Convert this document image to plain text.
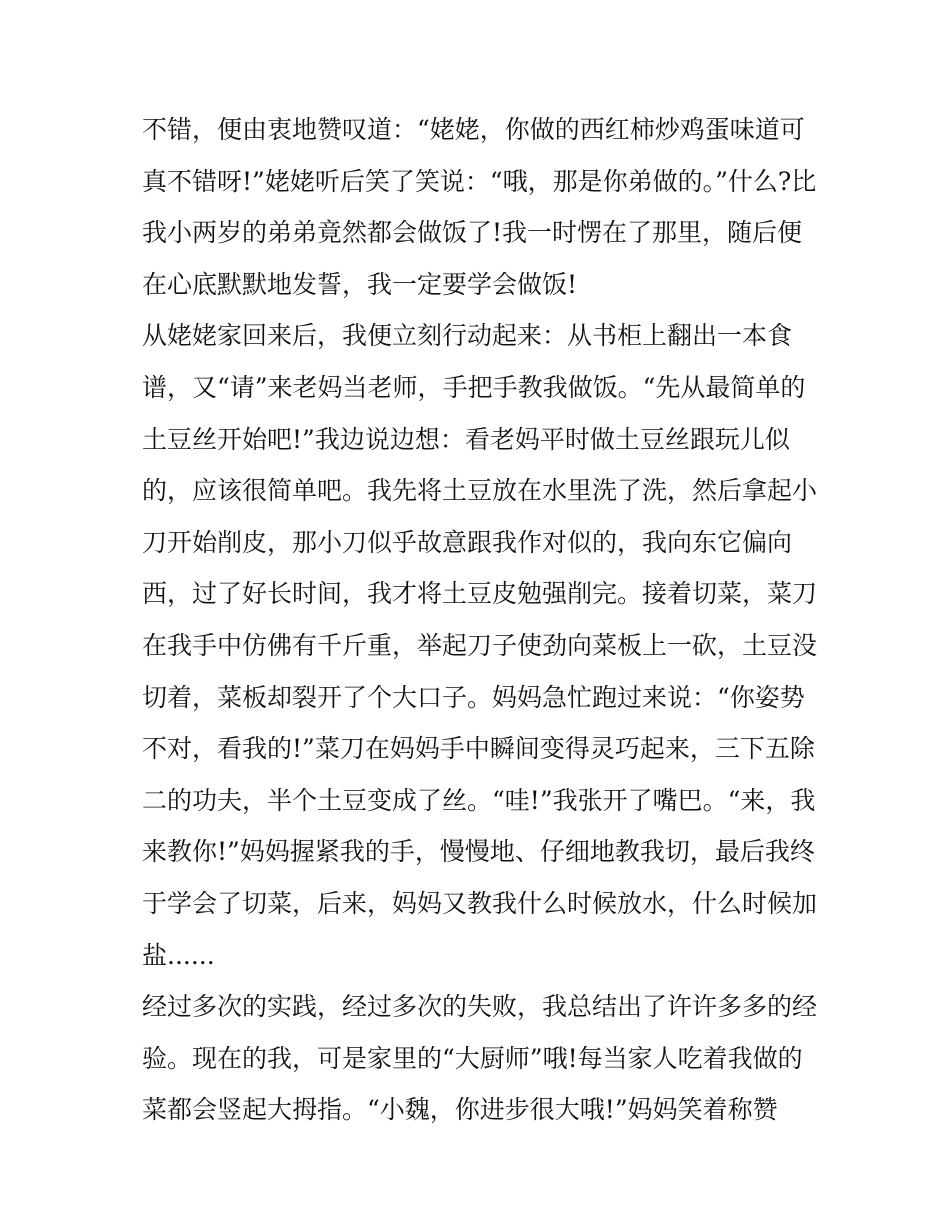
不错，便由衷地赞叹道：“姥姥，你做的西红柿炒鸡蛋味道可
真不错呀!”姥姥听后笑了笑说：“哦，那是你弟做的。”什么?比
我小两岁的弟弟竟然都会做饭了!我一时愣在了那里，随后便
在心底默默地发誓，我一定要学会做饭!
从姥姥家回来后，我便立刻行动起来：从书柜上翻出一本食
谱，又“请”来老妈当老师，手把手教我做饭。“先从最简单的
土豆丝开始吧!”我边说边想：看老妈平时做土豆丝跟玩儿似
的，应该很简单吧。我先将土豆放在水里洗了洗，然后拿起小
刀开始削皮，那小刀似乎故意跟我作对似的，我向东它偏向
西，过了好长时间，我才将土豆皮勉强削完。接着切菜，菜刀
在我手中仿佛有千斤重，举起刀子使劲向菜板上一砍，土豆没
切着，菜板却裂开了个大口子。妈妈急忙跑过来说：“你姿势
不对，看我的!”菜刀在妈妈手中瞬间变得灵巧起来，三下五除
二的功夫，半个土豆变成了丝。“哇!”我张开了嘴巴。“来，我
来教你!”妈妈握紧我的手，慢慢地、仔细地教我切，最后我终
于学会了切菜，后来，妈妈又教我什么时候放水，什么时候加
盐......
经过多次的实践，经过多次的失败，我总结出了许许多多的经
验。现在的我，可是家里的“大厨师”哦!每当家人吃着我做的
菜都会竖起大拇指。“小魏，你进步很大哦!”妈妈笑着称赞
